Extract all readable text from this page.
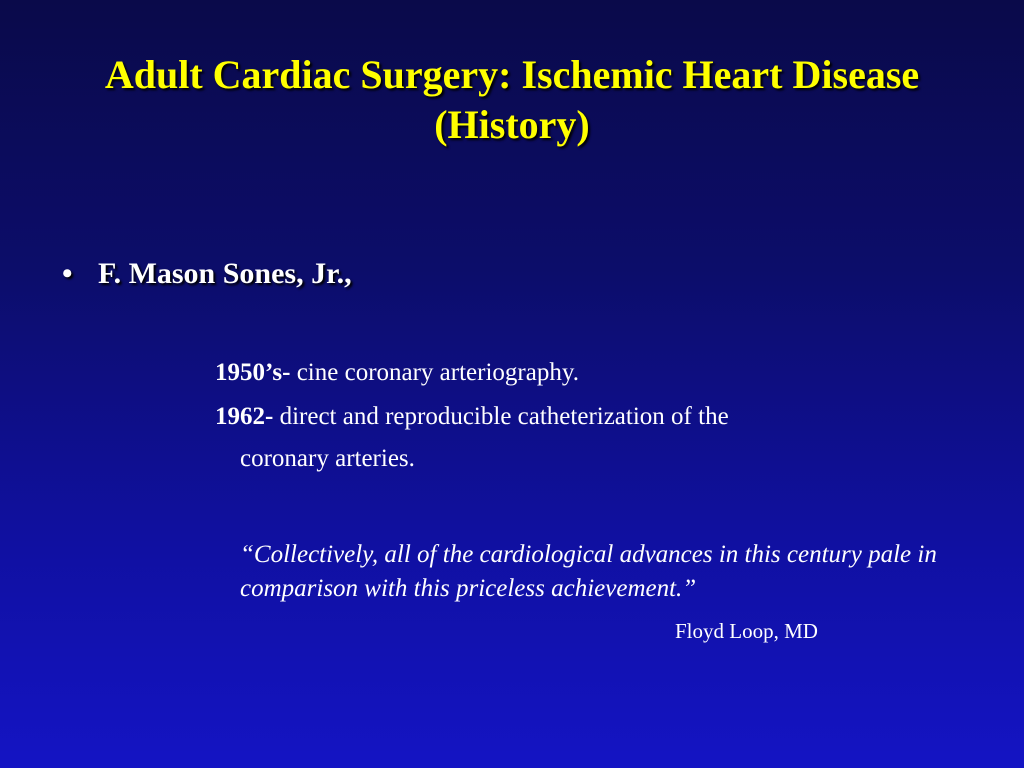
Adult Cardiac Surgery: Ischemic Heart Disease (History)
• F. Mason Sones, Jr.,
1950’s- cine coronary arteriography.
1962- direct and reproducible catheterization of the
coronary arteries.
“Collectively, all of the cardiological advances in this century pale in comparison with this priceless achievement.”
Floyd Loop, MD
